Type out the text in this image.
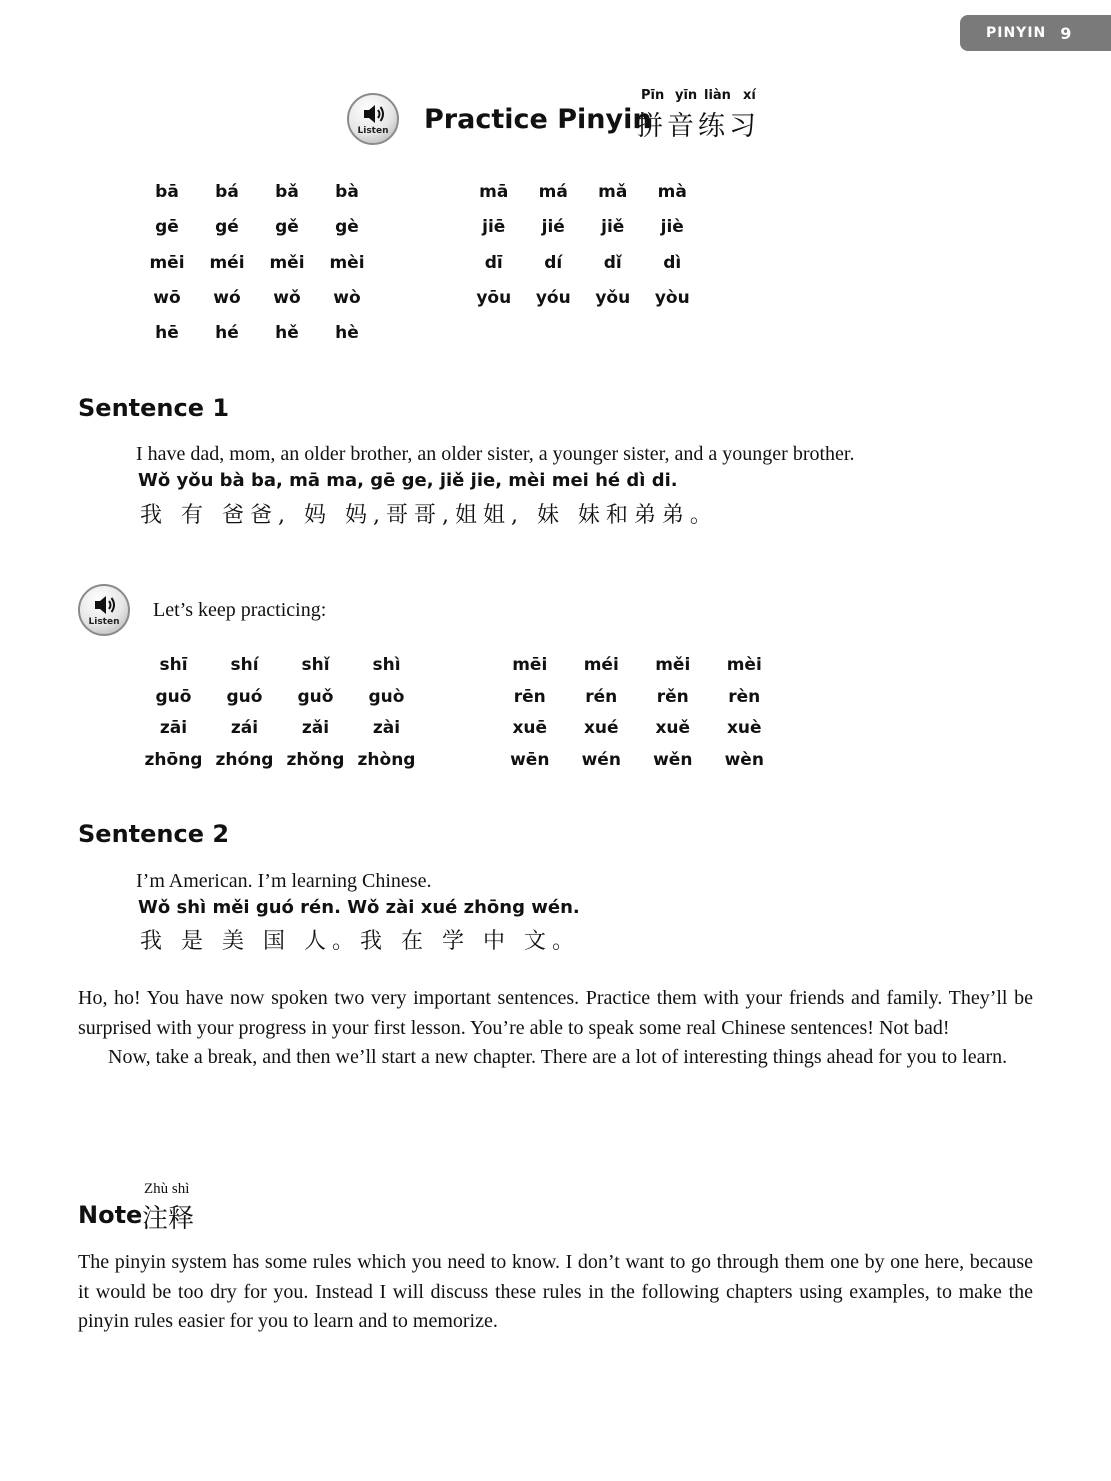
PINYIN 9
Listen	Practice Pinyin
Pīn yīn liàn xí
拼音练习
bā	bá	bǎ	bà
gē	gé	gě	gè
mēi	méi	měi	mèi
wō	wó	wǒ	wò
hē	hé	hě	hè
mā	má	mǎ	mà
jiē	jié	jiě	jiè
dī	dí	dǐ	dì
yōu	yóu	yǒu	yòu
Sentence 1
I have dad, mom, an older brother, an older sister, a younger sister, and a younger brother.
Wǒ yǒu bà ba, mā ma, gē ge, jiě jie, mèi mei hé dì di.
我 有 爸爸, 妈 妈,哥哥,姐姐, 妹 妹和弟弟。
Listen
Let’s keep practicing:
shī	shí	shǐ	shì
guō	guó	guǒ	guò
zāi	zái	zǎi	zài
zhōng zhóng zhǒng zhòng
mēi	méi	měi	mèi
rēn	rén	rěn	rèn
xuē	xué	xuě	xuè
wēn	wén	wěn	wèn
Sentence 2
I’m American. I’m learning Chinese.
Wǒ shì měi guó rén. Wǒ zài xué zhōng wén.
我 是 美 国 人。我 在 学 中 文。

Ho, ho! You have now spoken two very important sentences. Practice them with your friends and family. They’ll be surprised with your progress in your first lesson. You’re able to speak some real Chinese sentences! Not bad!

Now, take a break, and then we’ll start a new chapter. There are a lot of interesting things ahead for you to learn.

Zhù shì
Note 注释

The pinyin system has some rules which you need to know. I don’t want to go through them one by one here, because it would be too dry for you. Instead I will discuss these rules in the following chapters using examples, to make the pinyin rules easier for you to learn and to memorize.
